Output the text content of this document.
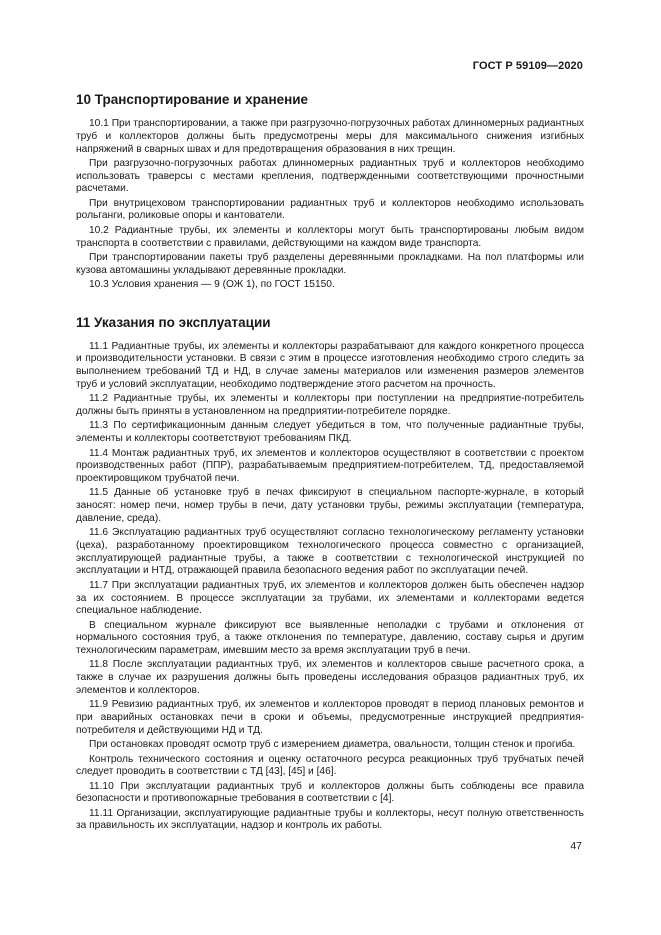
ГОСТ Р 59109—2020
10 Транспортирование и хранение

10.1 При транспортировании, а также при разгрузочно-погрузочных работах длинномерных радиантных труб и коллекторов должны быть предусмотрены меры для максимального снижения изгибных напряжений в сварных швах и для предотвращения образования в них трещин.

При разгрузочно-погрузочных работах длинномерных радиантных труб и коллекторов необходимо использовать траверсы с местами крепления, подтвержденными соответствующими прочностными расчетами.

При внутрицеховом транспортировании радиантных труб и коллекторов необходимо использовать рольганги, роликовые опоры и кантователи.

10.2 Радиантные трубы, их элементы и коллекторы могут быть транспортированы любым видом транспорта в соответствии с правилами, действующими на каждом виде транспорта.

При транспортировании пакеты труб разделены деревянными прокладками. На пол платформы или кузова автомашины укладывают деревянные прокладки.

10.3 Условия хранения — 9 (ОЖ 1), по ГОСТ 15150.

11 Указания по эксплуатации

11.1 Радиантные трубы, их элементы и коллекторы разрабатывают для каждого конкретного процесса и производительности установки. В связи с этим в процессе изготовления необходимо строго следить за выполнением требований ТД и НД, в случае замены материалов или изменения размеров элементов труб и условий эксплуатации, необходимо подтверждение этого расчетом на прочность.

11.2 Радиантные трубы, их элементы и коллекторы при поступлении на предприятие-потребитель должны быть приняты в установленном на предприятии-потребителе порядке.

11.3 По сертификационным данным следует убедиться в том, что полученные радиантные трубы, элементы и коллекторы соответствуют требованиям ПКД.

11.4 Монтаж радиантных труб, их элементов и коллекторов осуществляют в соответствии с проектом производственных работ (ППР), разрабатываемым предприятием-потребителем, ТД, предоставляемой проектировщиком трубчатой печи.

11.5 Данные об установке труб в печах фиксируют в специальном паспорте-журнале, в который заносят: номер печи, номер трубы в печи, дату установки трубы, режимы эксплуатации (температура, давление, среда).

11.6 Эксплуатацию радиантных труб осуществляют согласно технологическому регламенту установки (цеха), разработанному проектировщиком технологического процесса совместно с организацией, эксплуатирующей радиантные трубы, а также в соответствии с технологической инструкцией по эксплуатации и НТД, отражающей правила безопасного ведения работ по эксплуатации печей.

11.7 При эксплуатации радиантных труб, их элементов и коллекторов должен быть обеспечен надзор за их состоянием. В процессе эксплуатации за трубами, их элементами и коллекторами ведется специальное наблюдение.

В специальном журнале фиксируют все выявленные неполадки с трубами и отклонения от нормального состояния труб, а также отклонения по температуре, давлению, составу сырья и другим технологическим параметрам, имевшим место за время эксплуатации труб в печи.

11.8 После эксплуатации радиантных труб, их элементов и коллекторов свыше расчетного срока, а также в случае их разрушения должны быть проведены исследования образцов радиантных труб, их элементов и коллекторов.

11.9 Ревизию радиантных труб, их элементов и коллекторов проводят в период плановых ремонтов и при аварийных остановках печи в сроки и объемы, предусмотренные инструкцией предприятия-потребителя и действующими НД и ТД.

При остановках проводят осмотр труб с измерением диаметра, овальности, толщин стенок и прогиба.

Контроль технического состояния и оценку остаточного ресурса реакционных труб трубчатых печей следует проводить в соответствии с ТД [43], [45] и [46].

11.10 При эксплуатации радиантных труб и коллекторов должны быть соблюдены все правила безопасности и противопожарные требования в соответствии с [4].

11.11 Организации, эксплуатирующие радиантные трубы и коллекторы, несут полную ответственность за правильность их эксплуатации, надзор и контроль их работы.

47
